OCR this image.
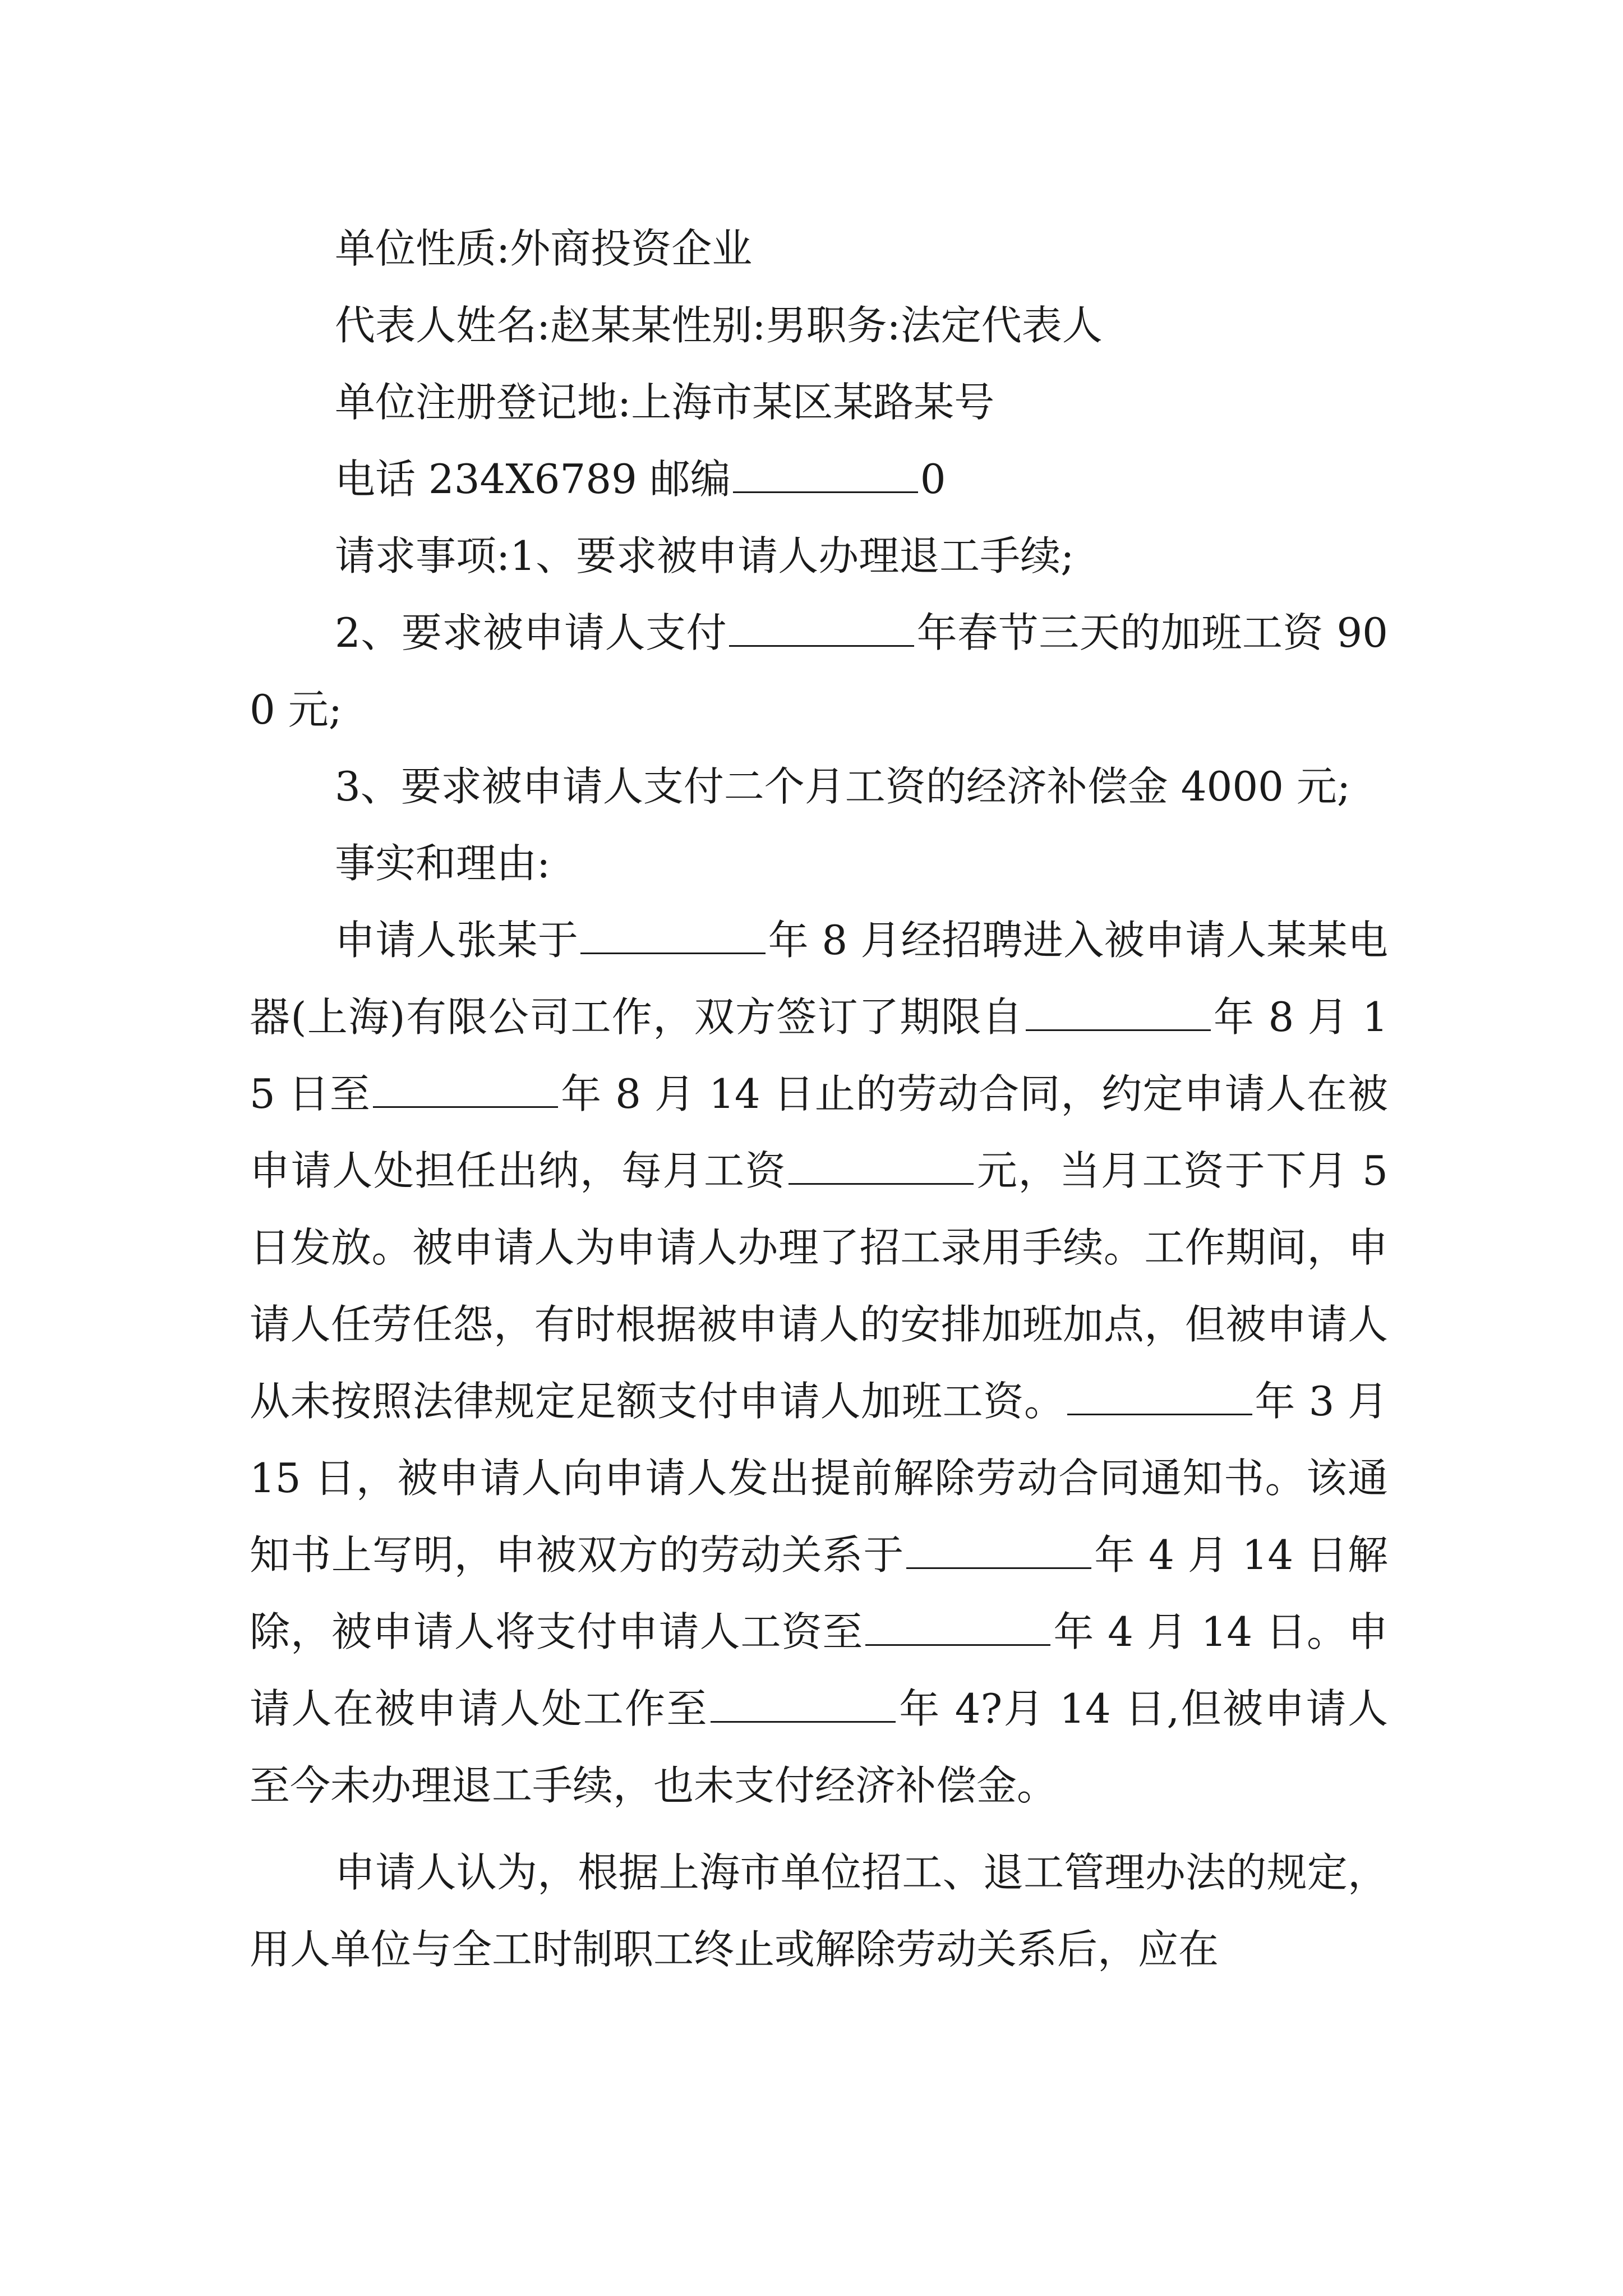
单位性质:外商投资企业

代表人姓名:赵某某性别:男职务:法定代表人

单位注册登记地:上海市某区某路某号

电话 234X6789 邮编	0

请求事项:1、要求被申请人办理退工手续;

2、要求被申请人支付	年春节三天的加班工资 900 元;

3、要求被申请人支付二个月工资的经济补偿金 4000 元;

事实和理由:

申请人张某于	年 8 月经招聘进入被申请人某某电器(上海)有限公司工作，双方签订了期限自	年 8 月 15 日至	年 8 月 14 日止的劳动合同，约定申请人在被申请人处担任出纳，每月工资	元，当月工资于下月 5 日发放。被申请人为申请人办理了招工录用手续。工作期间，申请人任劳任怨，有时根据被申请人的安排加班加点，但被申请人从未按照法律规定足额支付申请人加班工资。	年 3 月 15 日，被申请人向申请人发出提前解除劳动合同通知书。该通知书上写明，申被双方的劳动关系于	年 4 月 14 日解除，被申请人将支付申请人工资至	年 4 月 14 日。申请人在被申请人处工作至	年 4?月 14 日,但被申请人至今未办理退工手续，也未支付经济补偿金。

申请人认为，根据上海市单位招工、退工管理办法的规定，用人单位与全工时制职工终止或解除劳动关系后，应在
